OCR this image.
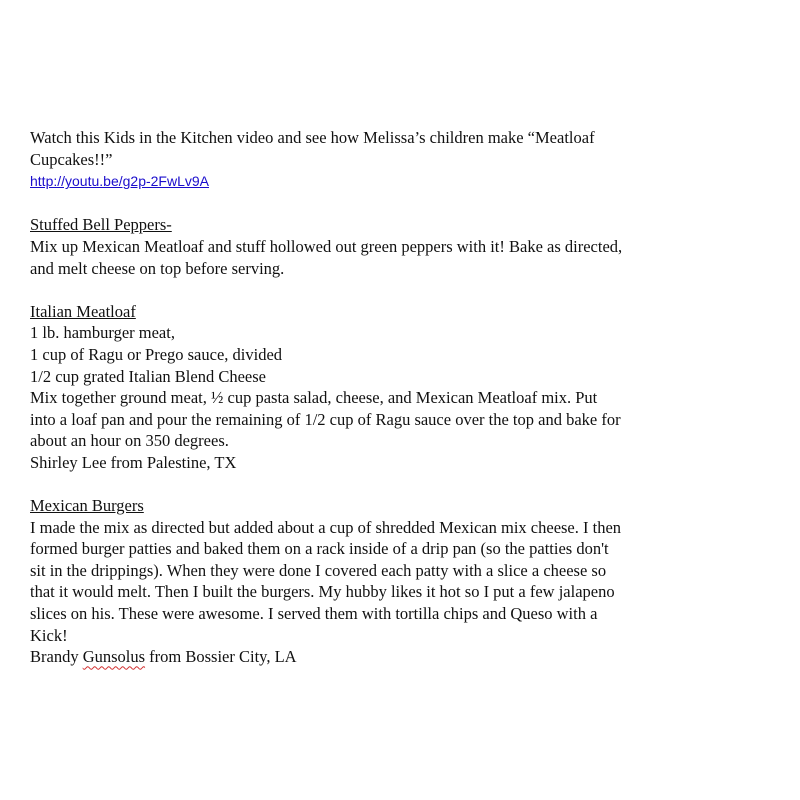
Watch this Kids in the Kitchen video and see how Melissa’s children make “Meatloaf
Cupcakes!!”
http://youtu.be/g2p-2FwLv9A
Stuffed Bell Peppers-
Mix up Mexican Meatloaf and stuff hollowed out green peppers with it! Bake as directed,
and melt cheese on top before serving.
Italian Meatloaf
1 lb. hamburger meat,
1 cup of Ragu or Prego sauce, divided
1/2 cup grated Italian Blend Cheese
Mix together ground meat, ½ cup pasta salad, cheese, and Mexican Meatloaf mix. Put
into a loaf pan and pour the remaining of 1/2 cup of Ragu sauce over the top and bake for
about an hour on 350 degrees.
Shirley Lee from Palestine, TX
Mexican Burgers
I made the mix as directed but added about a cup of shredded Mexican mix cheese. I then
formed burger patties and baked them on a rack inside of a drip pan (so the patties don't
sit in the drippings). When they were done I covered each patty with a slice a cheese so
that it would melt. Then I built the burgers. My hubby likes it hot so I put a few jalapeno
slices on his. These were awesome. I served them with tortilla chips and Queso with a
Kick!
Brandy Gunsolus from Bossier City, LA
